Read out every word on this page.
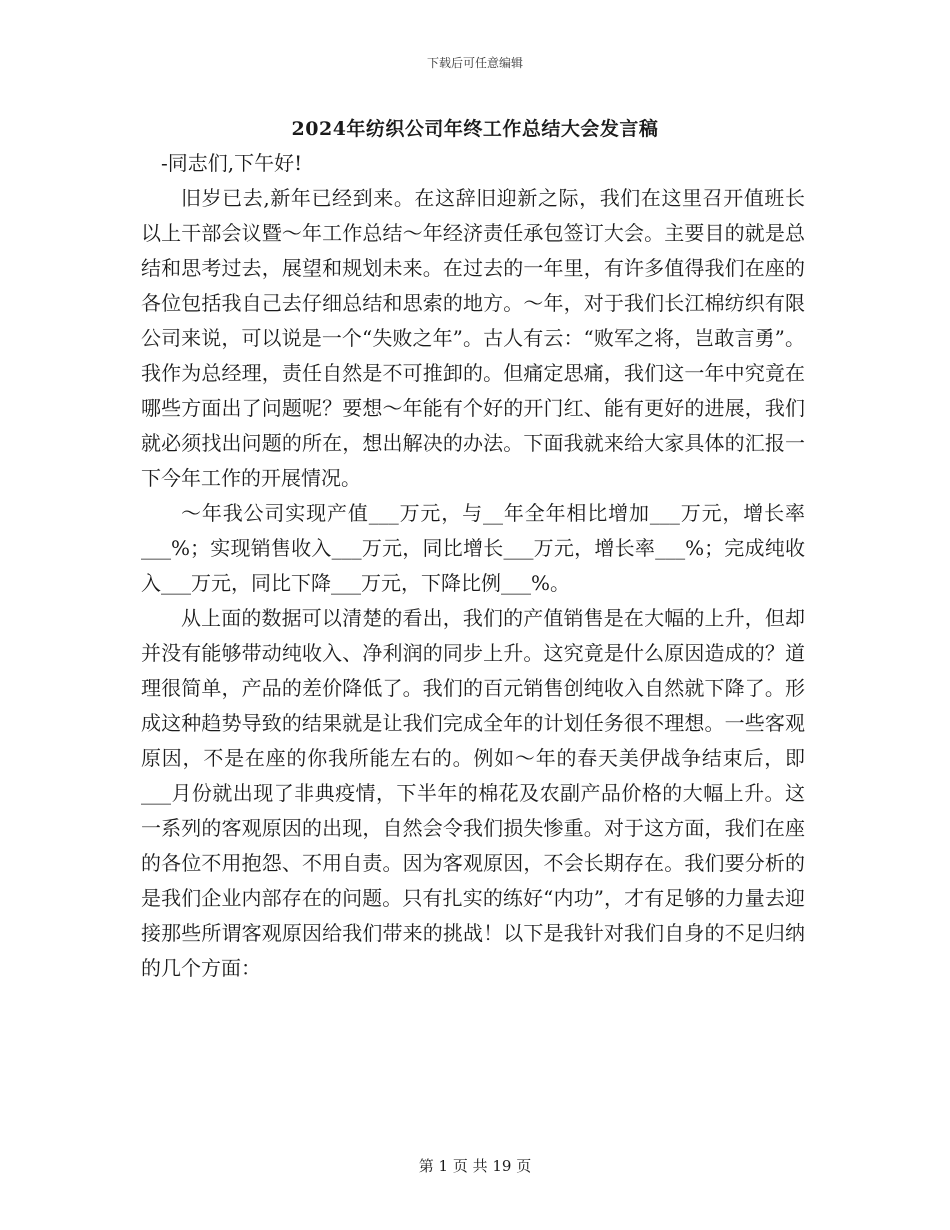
下载后可任意编辑
2024年纺织公司年终工作总结大会发言稿

-同志们,下午好!

旧岁已去,新年已经到来。在这辞旧迎新之际，我们在这里召开值班长以上干部会议暨～年工作总结～年经济责任承包签订大会。主要目的就是总结和思考过去，展望和规划未来。在过去的一年里，有许多值得我们在座的各位包括我自己去仔细总结和思索的地方。～年，对于我们长江棉纺织有限公司来说，可以说是一个“失败之年”。古人有云：“败军之将，岂敢言勇”。我作为总经理，责任自然是不可推卸的。但痛定思痛，我们这一年中究竟在哪些方面出了问题呢？要想～年能有个好的开门红、能有更好的进展，我们就必须找出问题的所在，想出解决的办法。下面我就来给大家具体的汇报一下今年工作的开展情况。

～年我公司实现产值___万元，与__年全年相比增加___万元，增长率___%；实现销售收入___万元，同比增长___万元，增长率___%；完成纯收入___万元，同比下降___万元，下降比例___%。

从上面的数据可以清楚的看出，我们的产值销售是在大幅的上升，但却并没有能够带动纯收入、净利润的同步上升。这究竟是什么原因造成的？道理很简单，产品的差价降低了。我们的百元销售创纯收入自然就下降了。形成这种趋势导致的结果就是让我们完成全年的计划任务很不理想。一些客观原因，不是在座的你我所能左右的。例如～年的春天美伊战争结束后，即___月份就出现了非典疫情，下半年的棉花及农副产品价格的大幅上升。这一系列的客观原因的出现，自然会令我们损失惨重。对于这方面，我们在座的各位不用抱怨、不用自责。因为客观原因，不会长期存在。我们要分析的是我们企业内部存在的问题。只有扎实的练好“内功”，才有足够的力量去迎接那些所谓客观原因给我们带来的挑战！以下是我针对我们自身的不足归纳的几个方面：

第 1 页 共 19 页
